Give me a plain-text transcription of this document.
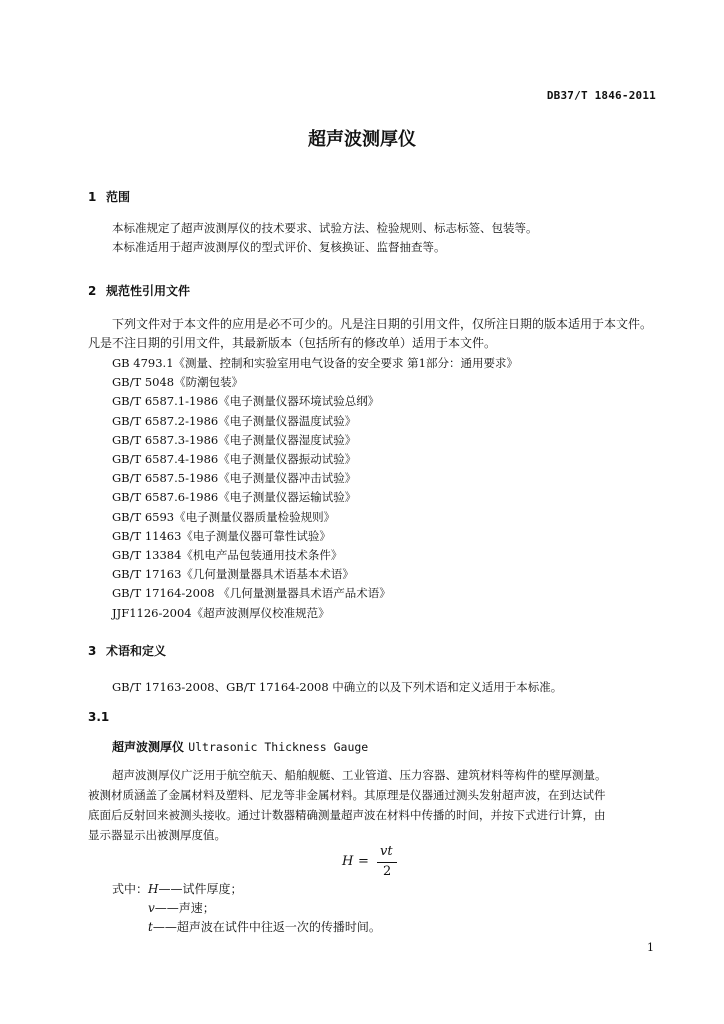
DB37/T 1846-2011
超声波测厚仪
1 范围
本标准规定了超声波测厚仪的技术要求、试验方法、检验规则、标志标签、包装等。
本标准适用于超声波测厚仪的型式评价、复核换证、监督抽查等。
2 规范性引用文件
下列文件对于本文件的应用是必不可少的。凡是注日期的引用文件，仅所注日期的版本适用于本文件。凡是不注日期的引用文件，其最新版本（包括所有的修改单）适用于本文件。
GB 4793.1《测量、控制和实验室用电气设备的安全要求 第1部分：通用要求》
GB/T 5048《防潮包装》
GB/T 6587.1-1986《电子测量仪器环境试验总纲》
GB/T 6587.2-1986《电子测量仪器温度试验》
GB/T 6587.3-1986《电子测量仪器湿度试验》
GB/T 6587.4-1986《电子测量仪器振动试验》
GB/T 6587.5-1986《电子测量仪器冲击试验》
GB/T 6587.6-1986《电子测量仪器运输试验》
GB/T 6593《电子测量仪器质量检验规则》
GB/T 11463《电子测量仪器可靠性试验》
GB/T 13384《机电产品包装通用技术条件》
GB/T 17163《几何量测量器具术语基本术语》
GB/T 17164-2008 《几何量测量器具术语产品术语》
JJF1126-2004《超声波测厚仪校准规范》
3 术语和定义
GB/T 17163-2008、GB/T 17164-2008 中确立的以及下列术语和定义适用于本标准。
3.1
超声波测厚仪 Ultrasonic Thickness Gauge
超声波测厚仪广泛用于航空航天、船舶舰艇、工业管道、压力容器、建筑材料等构件的壁厚测量。
被测材质涵盖了金属材料及塑料、尼龙等非金属材料。其原理是仪器通过测头发射超声波，在到达试件
底面后反射回来被测头接收。通过计数器精确测量超声波在材料中传播的时间，并按下式进行计算，由
显示器显示出被测厚度值。
H =
vt
2
式中： H——试件厚度；
v——声速；
t——超声波在试件中往返一次的传播时间。
1
